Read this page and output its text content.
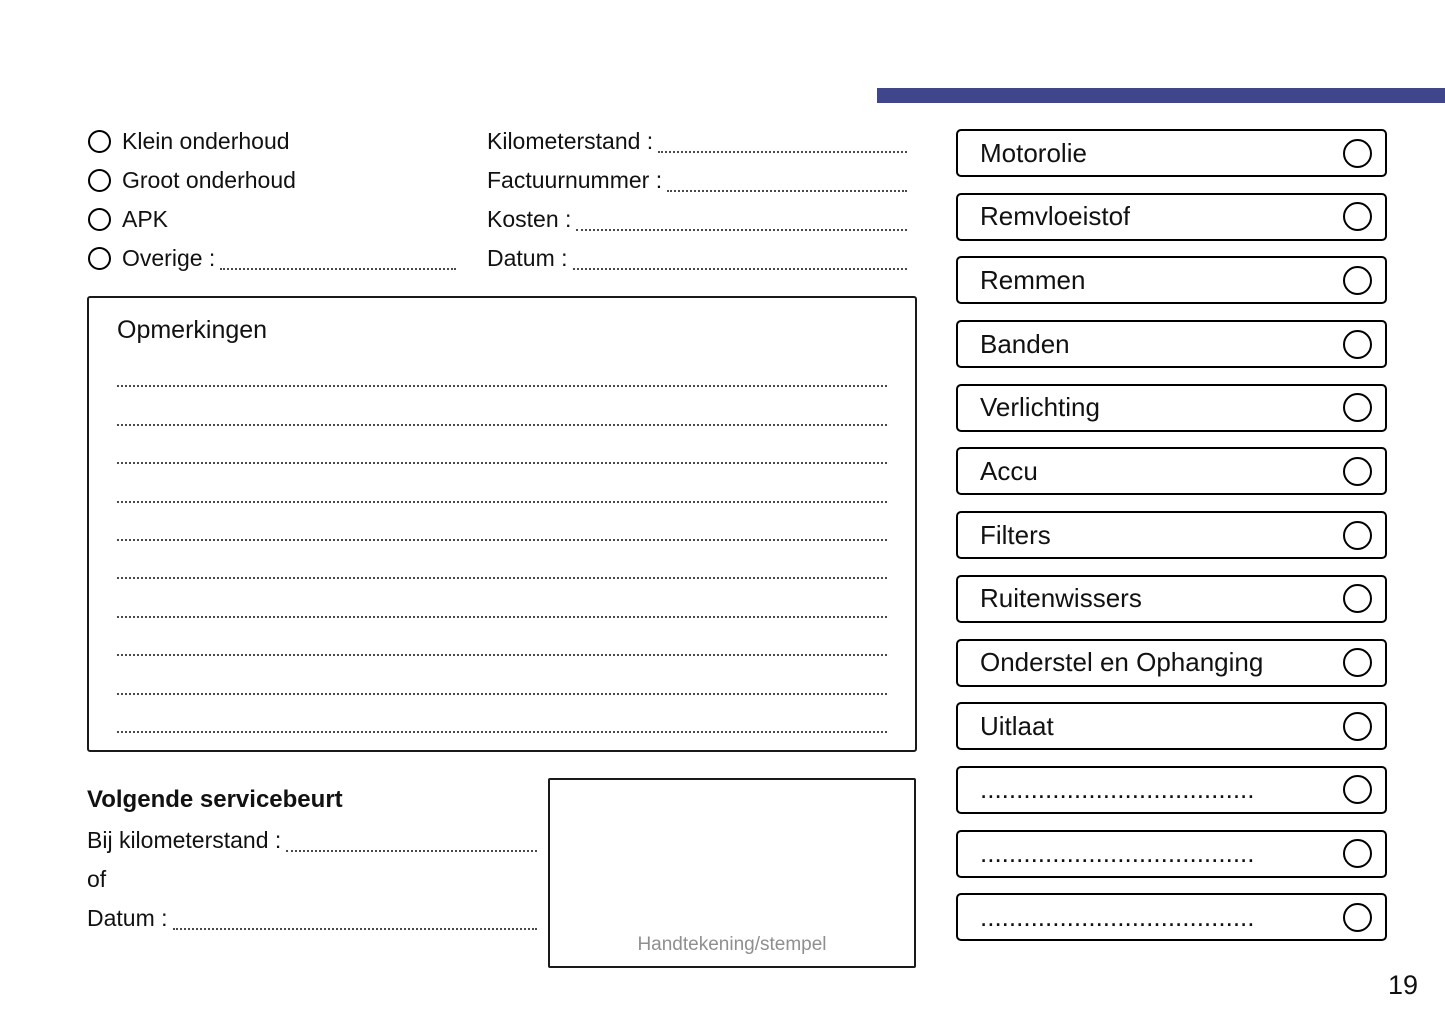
Klein onderhoud
Groot onderhoud
APK
Overige :
Kilometerstand :
Factuurnummer :
Kosten :
Datum :
Opmerkingen
Volgende servicebeurt
Bij kilometerstand :
of
Datum :
Handtekening/stempel
Motorolie
Remvloeistof
Remmen
Banden
Verlichting
Accu
Filters
Ruitenwissers
Onderstel en Ophanging
Uitlaat
......................................
......................................
......................................
19
